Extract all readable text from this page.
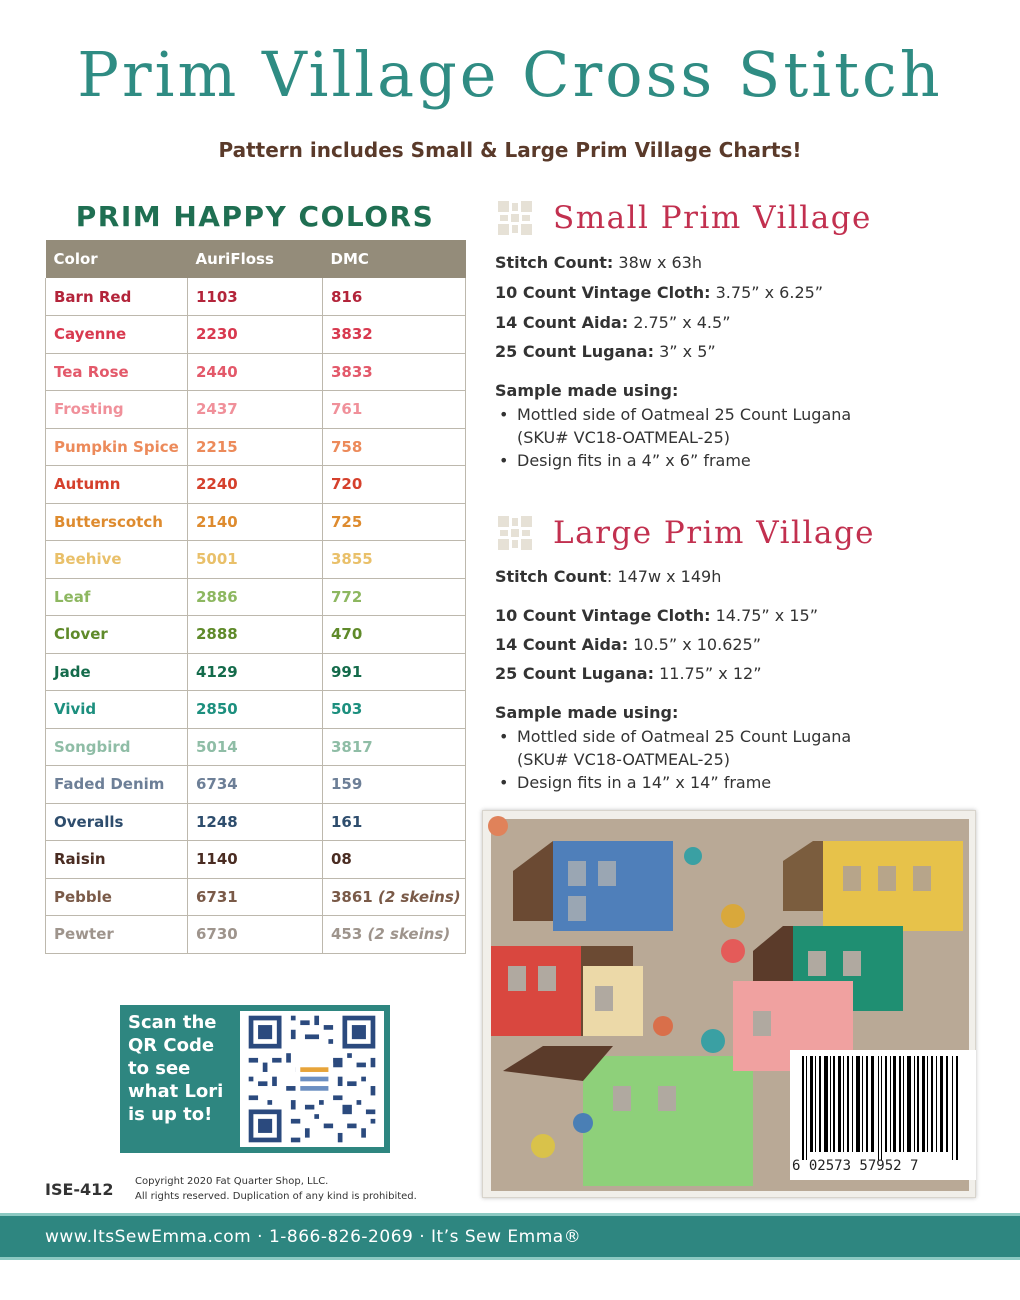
Prim Village Cross Stitch
Pattern includes Small & Large Prim Village Charts!
PRIM HAPPY COLORS
Color	AuriFloss	DMC
Barn Red	1103	816
Cayenne	2230	3832
Tea Rose	2440	3833
Frosting	2437	761
Pumpkin Spice	2215	758
Autumn	2240	720
Butterscotch	2140	725
Beehive	5001	3855
Leaf	2886	772
Clover	2888	470
Jade	4129	991
Vivid	2850	503
Songbird	5014	3817
Faded Denim	6734	159
Overalls	1248	161
Raisin	1140	08
Pebble	6731	3861 (2 skeins)
Pewter	6730	453 (2 skeins)
Small Prim Village
Stitch Count: 38w x 63h
10 Count Vintage Cloth: 3.75” x 6.25”
14 Count Aida: 2.75” x 4.5”
25 Count Lugana: 3” x 5”
Sample made using:
• Mottled side of Oatmeal 25 Count Lugana
(SKU# VC18-OATMEAL-25)
• Design fits in a 4” x 6” frame
Large Prim Village
Stitch Count: 147w x 149h
10 Count Vintage Cloth: 14.75” x 15”
14 Count Aida: 10.5” x 10.625”
25 Count Lugana: 11.75” x 12”
Sample made using:
• Mottled side of Oatmeal 25 Count Lugana
(SKU# VC18-OATMEAL-25)
• Design fits in a 14” x 14” frame
6 02573 57952 7
Scan the
QR Code
to see
what Lori
is up to!
ISE-412 Copyright 2020 Fat Quarter Shop, LLC.
All rights reserved. Duplication of any kind is prohibited.
www.ItsSewEmma.com · 1-866-826-2069 · It’s Sew Emma®
